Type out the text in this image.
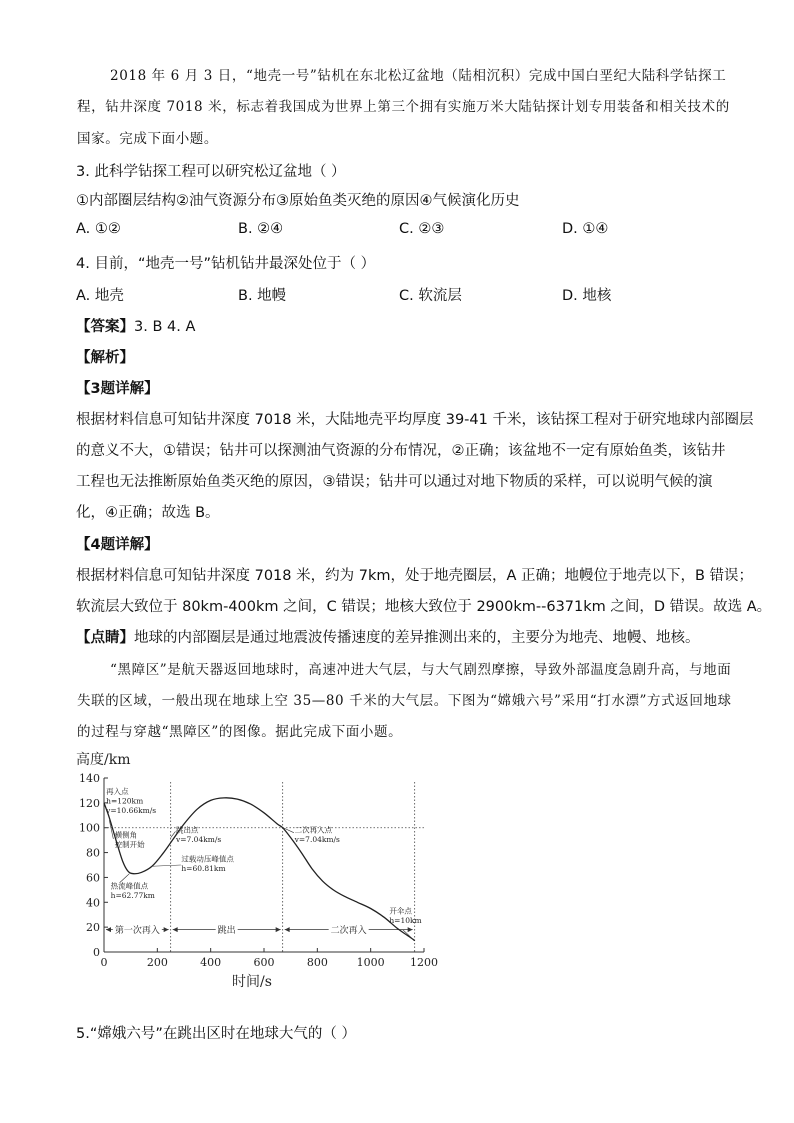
2018 年 6 月 3 日，“地壳一号”钻机在东北松辽盆地（陆相沉积）完成中国白垩纪大陆科学钻探工
程，钻井深度 7018 米，标志着我国成为世界上第三个拥有实施万米大陆钻探计划专用装备和相关技术的
国家。完成下面小题。
3. 此科学钻探工程可以研究松辽盆地（ ）
①内部圈层结构②油气资源分布③原始鱼类灭绝的原因④气候演化历史
A. ①②	B. ②④	C. ②③	D. ①④
4. 目前，“地壳一号”钻机钻井最深处位于（ ）
A. 地壳	B. 地幔	C. 软流层	D. 地核
【答案】3. B 4. A
【解析】
【3题详解】
根据材料信息可知钻井深度 7018 米，大陆地壳平均厚度 39-41 千米，该钻探工程对于研究地球内部圈层
的意义不大，①错误；钻井可以探测油气资源的分布情况，②正确；该盆地不一定有原始鱼类，该钻井
工程也无法推断原始鱼类灭绝的原因，③错误；钻井可以通过对地下物质的采样，可以说明气候的演
化，④正确；故选 B。
【4题详解】
根据材料信息可知钻井深度 7018 米，约为 7km，处于地壳圈层，A 正确；地幔位于地壳以下，B 错误；
软流层大致位于 80km-400km 之间，C 错误；地核大致位于 2900km--6371km 之间，D 错误。故选 A。
【点睛】地球的内部圈层是通过地震波传播速度的差异推测出来的，主要分为地壳、地幔、地核。
“黑障区”是航天器返回地球时，高速冲进大气层，与大气剧烈摩擦，导致外部温度急剧升高，与地面
失联的区域，一般出现在地球上空 35—80 千米的大气层。下图为“嫦娥六号”采用“打水漂”方式返回地球
的过程与穿越“黑障区”的图像。据此完成下面小题。
高度/km
0
20
40
60
80
100
120
140
0	200	400	600	800	1000 1200
时间/s
第一次再入	跳出	二次再入
再入点
h=120km
v=10.66km/s
横侧角
控制开始
热流峰值点
h=62.77km
跳出点
v=7.04km/s
过载动压峰值点
h=60.81km
二次再入点
v=7.04km/s
开伞点
h=10km
5.“嫦娥六号”在跳出区时在地球大气的（ ）
